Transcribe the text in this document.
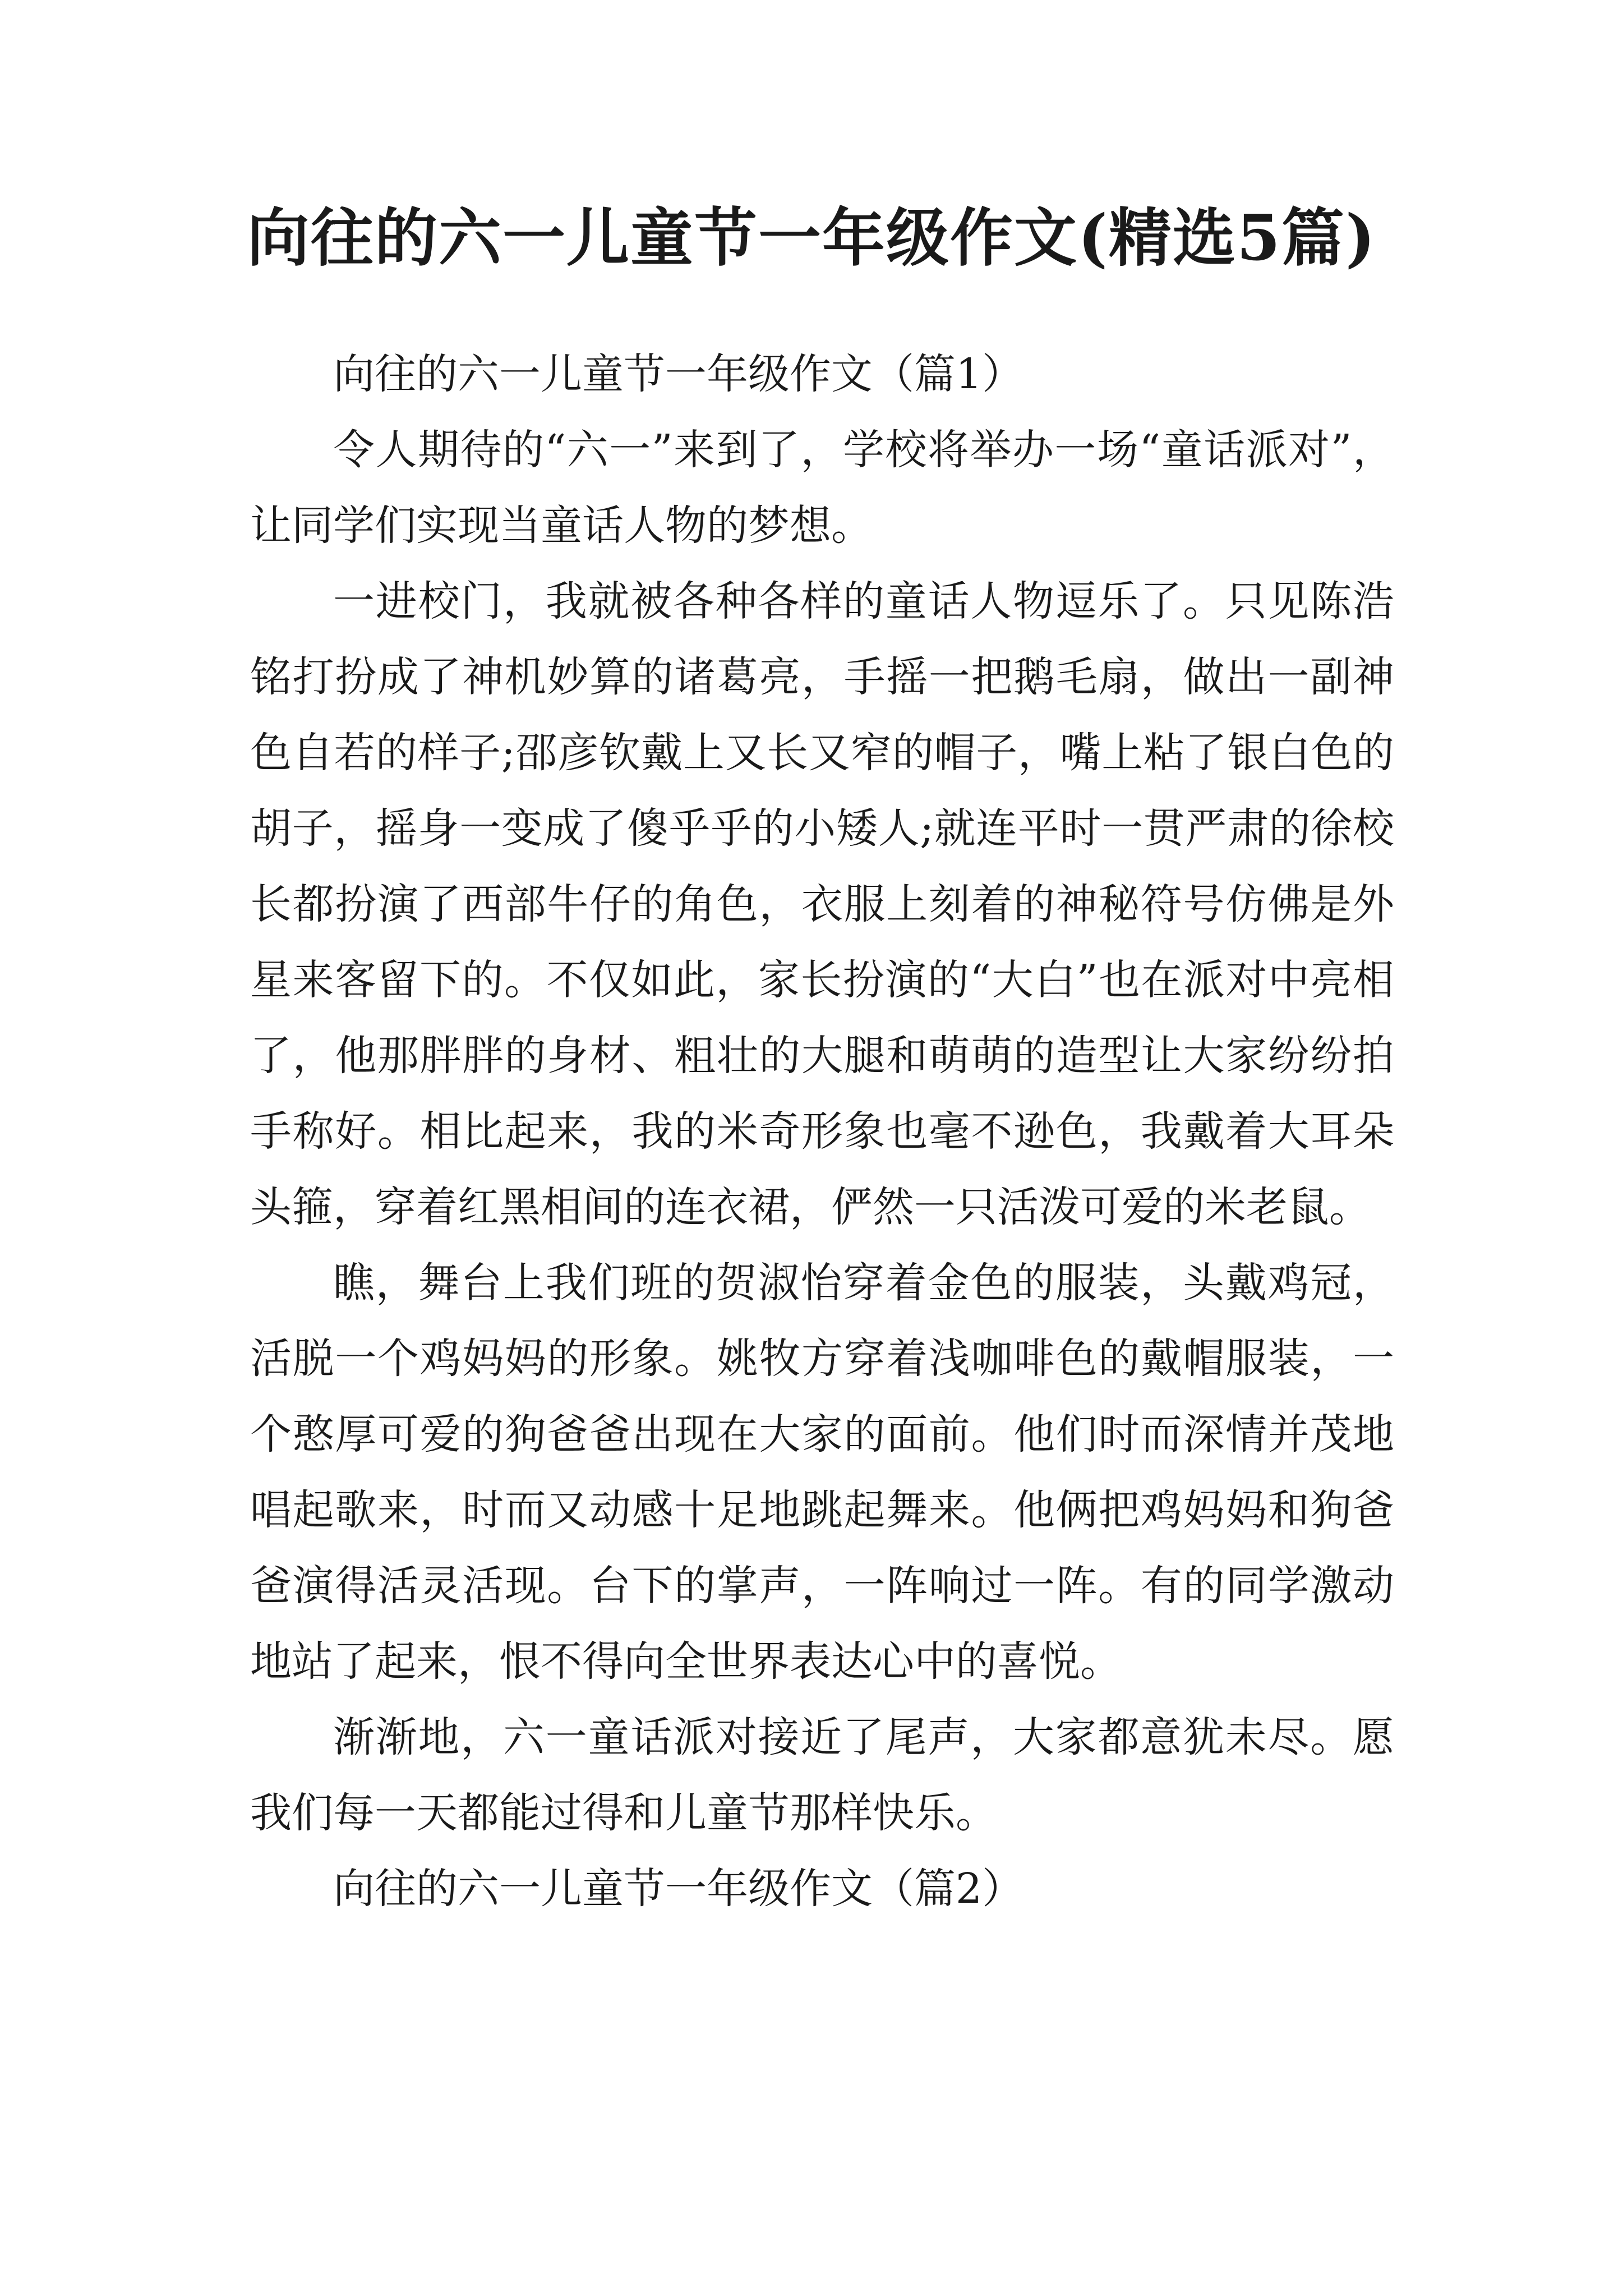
向往的六一儿童节一年级作文(精选5篇)

向往的六一儿童节一年级作文（篇1）

令人期待的“六一”来到了，学校将举办一场“童话派对”，让同学们实现当童话人物的梦想。

一进校门，我就被各种各样的童话人物逗乐了。只见陈浩铭打扮成了神机妙算的诸葛亮，手摇一把鹅毛扇，做出一副神色自若的样子;邵彦钦戴上又长又窄的帽子，嘴上粘了银白色的胡子，摇身一变成了傻乎乎的小矮人;就连平时一贯严肃的徐校长都扮演了西部牛仔的角色，衣服上刻着的神秘符号仿佛是外星来客留下的。不仅如此，家长扮演的“大白”也在派对中亮相了，他那胖胖的身材、粗壮的大腿和萌萌的造型让大家纷纷拍手称好。相比起来，我的米奇形象也毫不逊色，我戴着大耳朵头箍，穿着红黑相间的连衣裙，俨然一只活泼可爱的米老鼠。

瞧，舞台上我们班的贺淑怡穿着金色的服装，头戴鸡冠，活脱一个鸡妈妈的形象。姚牧方穿着浅咖啡色的戴帽服装，一个憨厚可爱的狗爸爸出现在大家的面前。他们时而深情并茂地唱起歌来，时而又动感十足地跳起舞来。他俩把鸡妈妈和狗爸爸演得活灵活现。台下的掌声，一阵响过一阵。有的同学激动地站了起来，恨不得向全世界表达心中的喜悦。

渐渐地，六一童话派对接近了尾声，大家都意犹未尽。愿我们每一天都能过得和儿童节那样快乐。

向往的六一儿童节一年级作文（篇2）
